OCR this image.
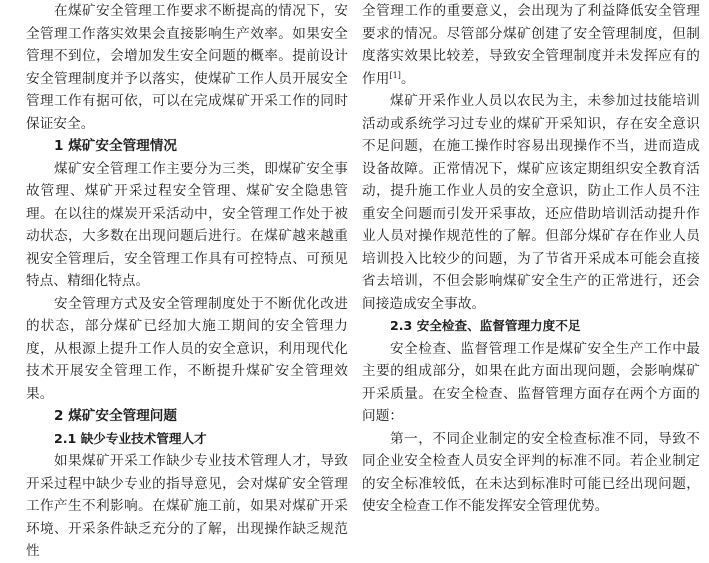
在煤矿安全管理工作要求不断提高的情况下，安全管理工作落实效果会直接影响生产效率。如果安全管理不到位，会增加发生安全问题的概率。提前设计安全管理制度并予以落实，使煤矿工作人员开展安全管理工作有据可依，可以在完成煤矿开采工作的同时保证安全。

1 煤矿安全管理情况

煤矿安全管理工作主要分为三类，即煤矿安全事故管理、煤矿开采过程安全管理、煤矿安全隐患管理。在以往的煤炭开采活动中，安全管理工作处于被动状态，大多数在出现问题后进行。在煤矿越来越重视安全管理后，安全管理工作具有可控特点、可预见特点、精细化特点。

安全管理方式及安全管理制度处于不断优化改进的状态，部分煤矿已经加大施工期间的安全管理力度，从根源上提升工作人员的安全意识，利用现代化技术开展安全管理工作，不断提升煤矿安全管理效果。

2 煤矿安全管理问题

2.1 缺少专业技术管理人才

如果煤矿开采工作缺少专业技术管理人才，导致开采过程中缺少专业的指导意见，会对煤矿安全管理工作产生不利影响。在煤矿施工前，如果对煤矿开采环境、开采条件缺乏充分的了解，出现操作缺乏规范性

全管理工作的重要意义，会出现为了利益降低安全管理要求的情况。尽管部分煤矿创建了安全管理制度，但制度落实效果比较差，导致安全管理制度并未发挥应有的作用[1]。

煤矿开采作业人员以农民为主，未参加过技能培训活动或系统学习过专业的煤矿开采知识，存在安全意识不足问题，在施工操作时容易出现操作不当，进而造成设备故障。正常情况下，煤矿应该定期组织安全教育活动，提升施工作业人员的安全意识，防止工作人员不注重安全问题而引发开采事故，还应借助培训活动提升作业人员对操作规范性的了解。但部分煤矿存在作业人员培训投入比较少的问题，为了节省开采成本可能会直接省去培训，不但会影响煤矿安全生产的正常进行，还会间接造成安全事故。

2.3 安全检查、监督管理力度不足

安全检查、监督管理工作是煤矿安全生产工作中最主要的组成部分，如果在此方面出现问题，会影响煤矿开采质量。在安全检查、监督管理方面存在两个方面的问题：

第一，不同企业制定的安全检查标准不同，导致不同企业安全检查人员安全评判的标准不同。若企业制定的安全标准较低，在未达到标准时可能已经出现问题，使安全检查工作不能发挥安全管理优势。
